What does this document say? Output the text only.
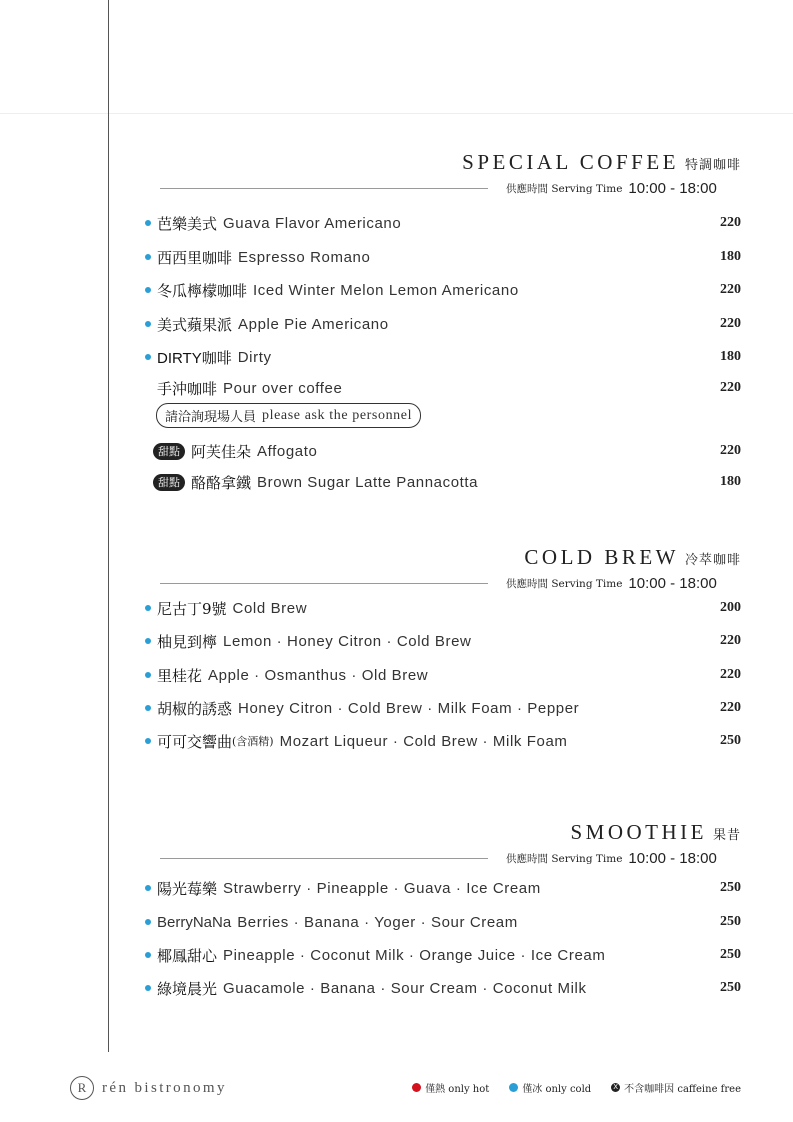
SPECIAL COFFEE 特調咖啡
供應時間 Serving Time 10:00 - 18:00
芭樂美式 Guava Flavor Americano	220
西西里咖啡 Espresso Romano	180
冬瓜檸檬咖啡 Iced Winter Melon Lemon Americano	220
美式蘋果派 Apple Pie Americano	220
DIRTY咖啡 Dirty	180
手沖咖啡 Pour over coffee	220
請洽詢現場人員 please ask the personnel
甜點 阿芙佳朵 Affogato	220
甜點 酪酪拿鐵 Brown Sugar Latte Pannacotta	180
COLD BREW 冷萃咖啡
供應時間 Serving Time 10:00 - 18:00
尼古丁9號 Cold Brew	200
柚見到檸 Lemon · Honey Citron · Cold Brew	220
里桂花 Apple · Osmanthus · Old Brew	220
胡椒的誘惑 Honey Citron · Cold Brew · Milk Foam · Pepper	220
可可交響曲 (含酒精) Mozart Liqueur · Cold Brew · Milk Foam	250
SMOOTHIE 果昔
供應時間 Serving Time 10:00 - 18:00
陽光莓樂 Strawberry · Pineapple · Guava · Ice Cream	250
BerryNaNa Berries · Banana · Yoger · Sour Cream	250
椰鳳甜心 Pineapple · Coconut Milk · Orange Juice · Ice Cream	250
綠境晨光 Guacamole · Banana · Sour Cream · Coconut Milk	250
R	rén bistronomy	僅熱 only hot	僅冰 only cold	X 不含咖啡因 caffeine free
